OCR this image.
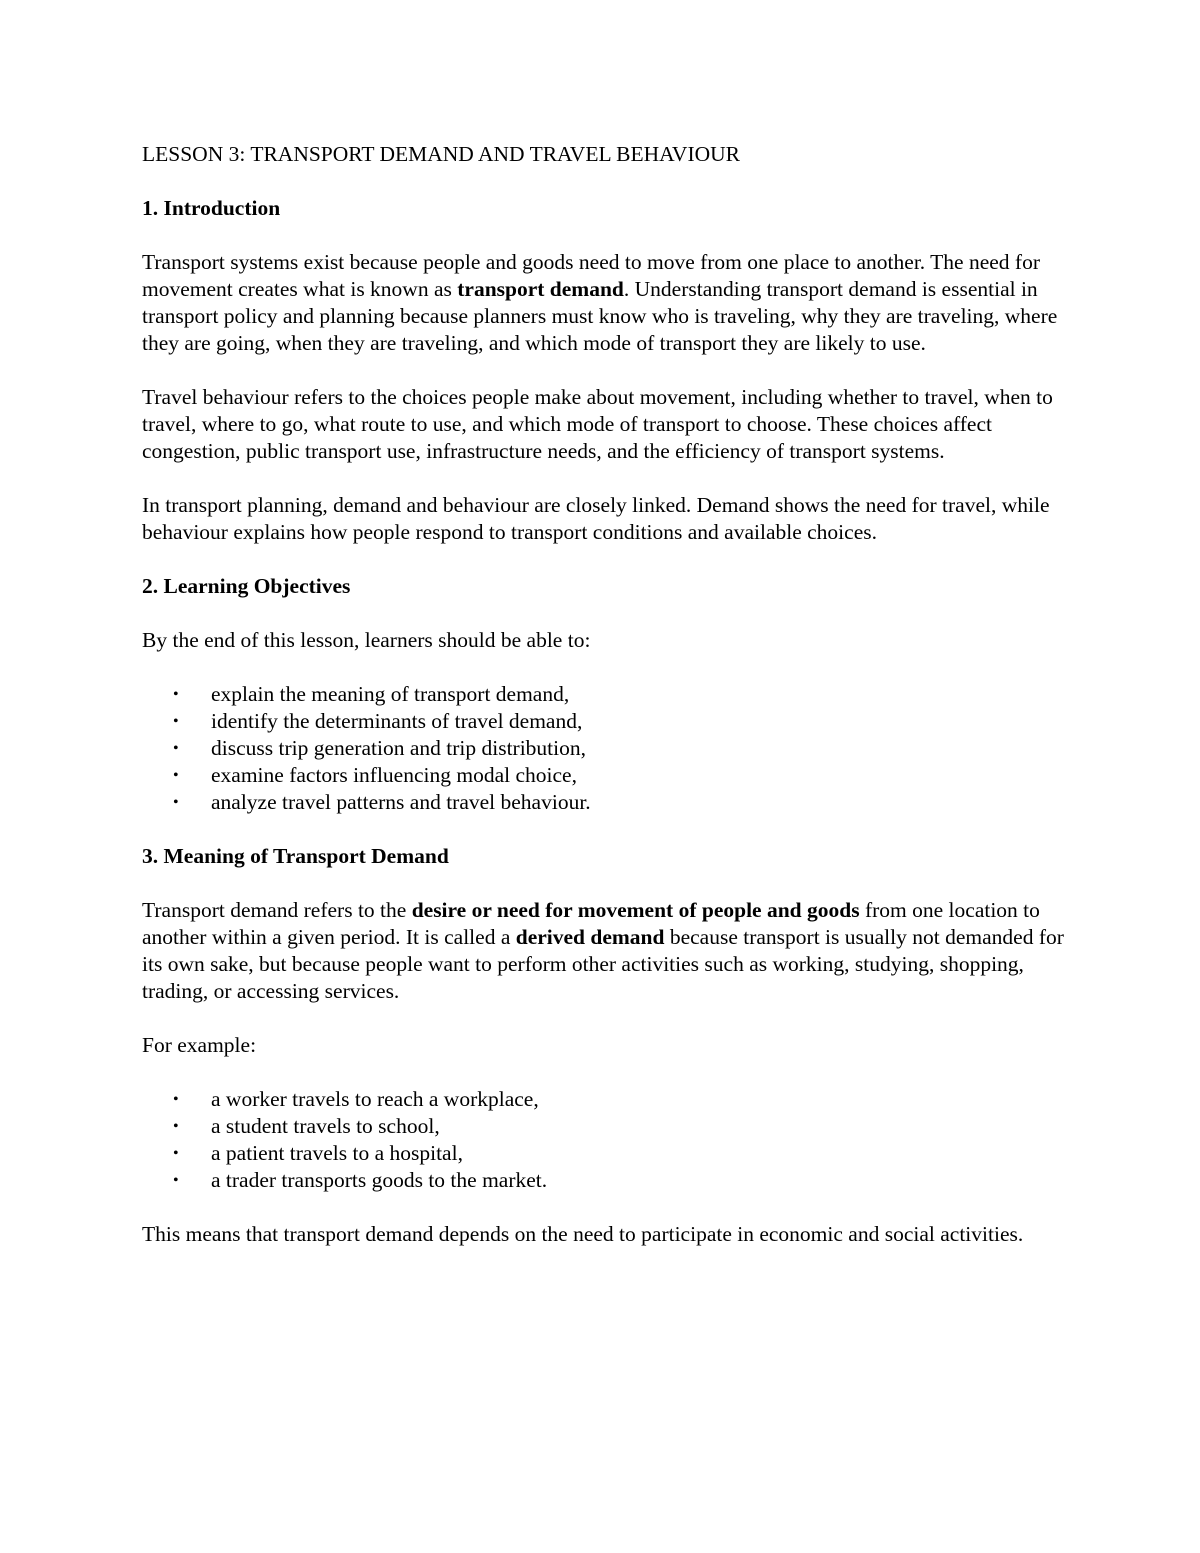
LESSON 3: TRANSPORT DEMAND AND TRAVEL BEHAVIOUR
1. Introduction

Transport systems exist because people and goods need to move from one place to another. The need for movement creates what is known as transport demand. Understanding transport demand is essential in transport policy and planning because planners must know who is traveling, why they are traveling, where they are going, when they are traveling, and which mode of transport they are likely to use.

Travel behaviour refers to the choices people make about movement, including whether to travel, when to travel, where to go, what route to use, and which mode of transport to choose. These choices affect congestion, public transport use, infrastructure needs, and the efficiency of transport systems.

In transport planning, demand and behaviour are closely linked. Demand shows the need for travel, while behaviour explains how people respond to transport conditions and available choices.

2. Learning Objectives

By the end of this lesson, learners should be able to:

• explain the meaning of transport demand,
• identify the determinants of travel demand,
• discuss trip generation and trip distribution,
• examine factors influencing modal choice,
• analyze travel patterns and travel behaviour.
3. Meaning of Transport Demand

Transport demand refers to the desire or need for movement of people and goods from one location to another within a given period. It is called a derived demand because transport is usually not demanded for its own sake, but because people want to perform other activities such as working, studying, shopping, trading, or accessing services.

For example:

• a worker travels to reach a workplace,
• a student travels to school,
• a patient travels to a hospital,
• a trader transports goods to the market.

This means that transport demand depends on the need to participate in economic and social activities.
